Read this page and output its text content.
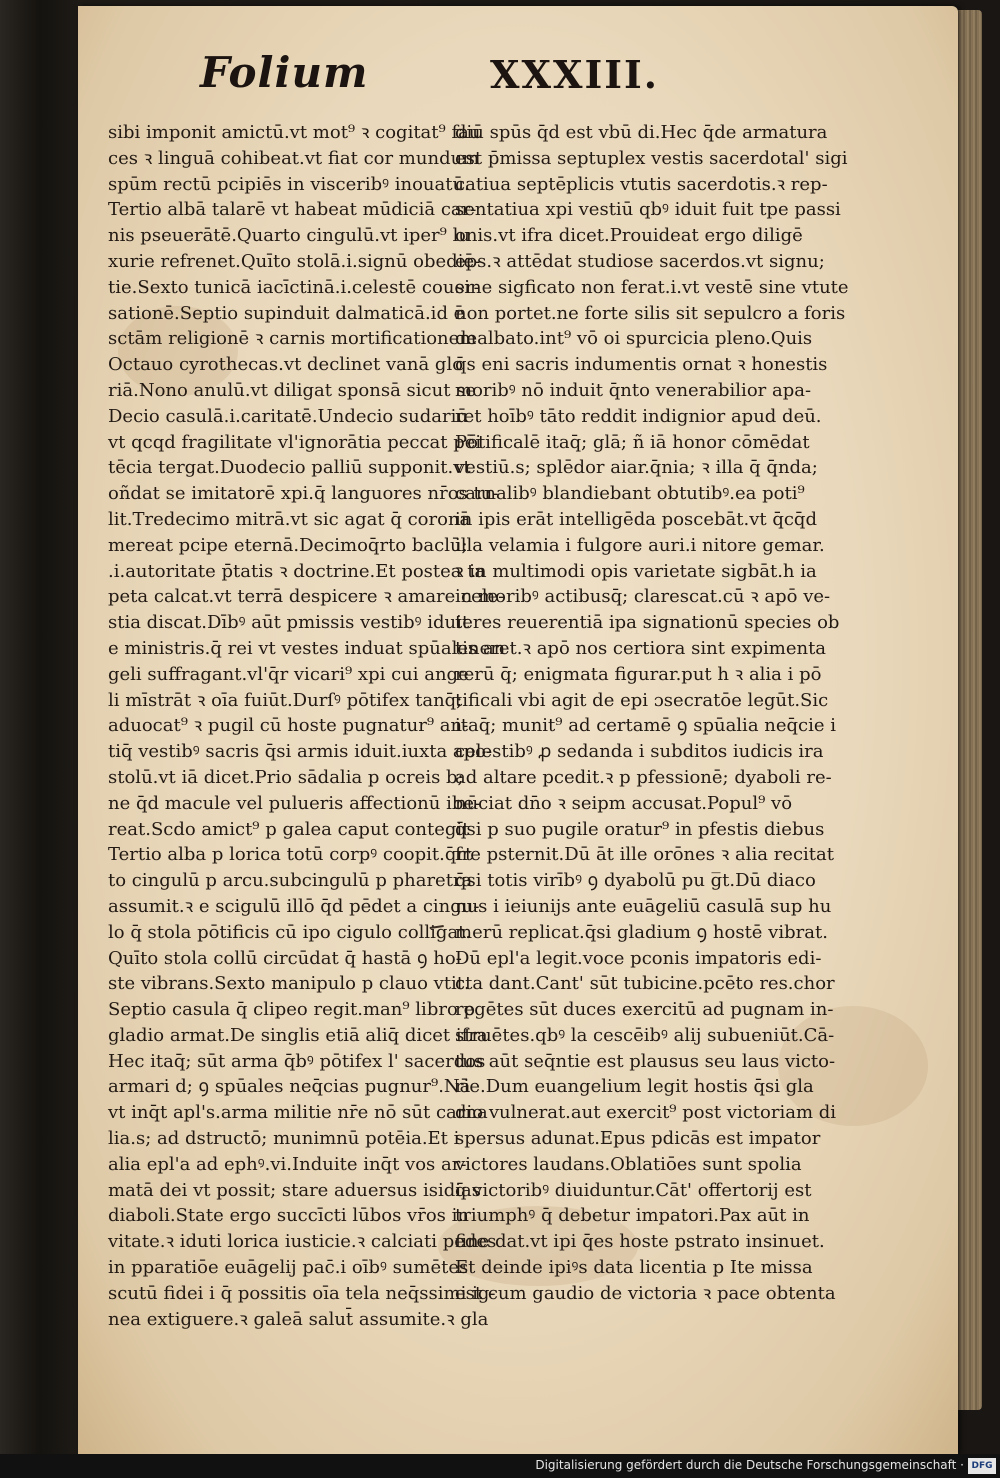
Folium	XXXIII.
sibi imponit amictū.vt mot⁹ ꝛ cogitat⁹ fau
ces ꝛ linguā cohibeat.vt fiat cor mundum
spūm rectū pcipiēs in visceribꝰ inouatū.
Tertio albā talarē vt habeat mūdiciā car-
nis pseuerātē.Quarto cingulū.vt iper⁹ lu
xurie refrenet.Quīto stolā.i.signū obediē-
tie.Sexto tunicā iacīctinā.i.celestē couer-
sationē.Septio supinduit dalmaticā.id ē
sctām religionē ꝛ carnis mortificationem
Octauo cyrothecas.vt declinet vanā glo
riā.Nono anulū.vt diligat sponsā sicut se
Decio casulā.i.caritatē.Undecio sudariū
vt qcqd fragilitate vl'ignorātia peccat pēi
tēcia tergat.Duodecio palliū supponit.vt
oñdat se imitatorē xpi.q̄ languores nr̄os tu-
lit.Tredecimo mitrā.vt sic agat q̄ coronā
mereat pcipe eternā.Decimoq̄rto baclū;
.i.autoritate p̄tatis ꝛ doctrine.Et postea ta
peta calcat.vt terrā despicere ꝛ amare cele-
stia discat.Dībꝰ aūt pmissis vestibꝰ iduit
e ministris.q̄ rei vt vestes induat spūales an
geli suffragant.vl'q̄r vicari⁹ xpi cui ange
li mīstrāt ꝛ oīa fuiūt.Durſꝰ pōtifex tanq̄;
aduocat⁹ ꝛ pugil cū hoste pugnatur⁹ an-
tiq̄ vestibꝰ sacris q̄si armis iduit.iuxta apo-
stolū.vt iā dicet.Prio sādalia p ocreis b;
ne q̄d macule vel pulueris affectionū ibe-
reat.Scdo amict⁹ p galea caput contegit
Tertio alba p lorica totū corpꝰ coopit.q̄rt
to cingulū p arcu.subcingulū p pharetra
assumit.ꝛ e scigulū illō q̄d pēdet a cingu-
lo q̄ stola pōtificis cū ipo cigulo colligat.
Quīto stola collū circūdat q̄ hastā ꝯ ho-
ste vibrans.Sexto manipulo p clauo vtit.
Septio casula q̄ clipeo regit.man⁹ libro p
gladio armat.De singlis etiā aliq̄ dicet ifra
Hec itaq̄; sūt arma q̄bꝰ pōtifex l' sacerdos
armari d; ꝯ spūales neq̄cias pugnur⁹.Nā
vt inq̄t apl's.arma militie nr̄e nō sūt carna
lia.s; ad dstructō; munimnū potēia.Et i
alia epl'a ad ephꝰ.vi.Induite inq̄t vos ar-
matā dei vt possit; stare aduersus isidias
diaboli.State ergo succīcti lūbos vr̄os in
vitate.ꝛ iduti lorica iusticie.ꝛ calciati pedes
in pparatiōe euāgelij pac̄.i oībꝰ sumētes
scutū fidei i q̄ possitis oīa tela neq̄ssimi ig-
nea extiguere.ꝛ galeā salut̄ assumite.ꝛ gla
diū spūs q̄d est vbū di.Hec q̄de armatura
est p̄missa septuplex vestis sacerdotal' sigi
catiua septēplicis vtutis sacerdotis.ꝛ rep-
sentatiua xpi vestiū qbꝰ iduit fuit tpe passi
onis.vt ifra dicet.Prouideat ergo diligē
eps.ꝛ attēdat studiose sacerdos.vt signu;
sine sigficato non ferat.i.vt vestē sine vtute
non portet.ne forte silis sit sepulcro a foris
dealbato.int⁹ vō oi spurcicia pleno.Quis
q̄s eni sacris indumentis ornat ꝛ honestis
moribꝰ nō induit q̄nto venerabilior apa-
ret hoībꝰ tāto reddit indignior apud deū.
Pōtificalē itaq̄; glā; ñ iā honor cōmēdat
vestiū.s; splēdor aiar.q̄nia; ꝛ illa q̄ q̄nda;
carnalibꝰ blandiebant obtutibꝰ.ea poti⁹
in ipis erāt intelligēda poscebāt.vt q̄cq̄d
illa velamia i fulgore auri.i nitore gemar.
ꝛ in multimodi opis varietate sigbāt.h ia
in moribꝰ actibusq̄; clarescat.cū ꝛ apō ve-
teres reuerentiā ipa signationū species ob
tineret.ꝛ apō nos certiora sint expimenta
rerū q̄; enigmata figurar.put h ꝛ alia i pō
tificali vbi agit de epi ɔsecratōe legūt.Sic
itaq̄; munit⁹ ad certamē ꝯ spūalia neq̄cie i
celestibꝰ ꝓ sedanda i subditos iudicis ira
ad altare pcedit.ꝛ p pfessionē; dyaboli re-
nūciat dn̄o ꝛ seipm accusat.Popul⁹ vō
q̄si p suo pugile oratur⁹ in pfestis diebus
fre psternit.Dū āt ille orōnes ꝛ alia recitat
q̄si totis virībꝰ ꝯ dyabolū pu g̅t.Dū diaco
nus i ieiunijs ante euāgeliū casulā sup hu
merū replicat.q̄si gladium ꝯ hostē vibrat.
Dū epl'a legit.voce pconis impatoris edi-
cta dant.Cant' sūt tubicine.pcēto res.chor
regētes sūt duces exercitū ad pugnam in-
struētes.qbꝰ la cescēibꝰ alij subueniūt.Cā-
tus aūt seq̄ntie est plausus seu laus victo-
rie.Dum euangelium legit hostis q̄si gla
dio vulnerat.aut exercit⁹ post victoriam di
spersus adunat.Epus pdicās est impator
victores laudans.Oblatiōes sunt spolia
q̄ victoribꝰ diuiduntur.Cāt' offertorij est
triumphꝰ q̄ debetur impatori.Pax aūt in
fine dat.vt ipi q̄es hoste pstrato insinuet.
Et deinde ipiꝰs data licentia p Ite missa
est cum gaudio de victoria ꝛ pace obtenta
Digitalisierung gefördert durch die Deutsche Forschungsgemeinschaft · DFG
